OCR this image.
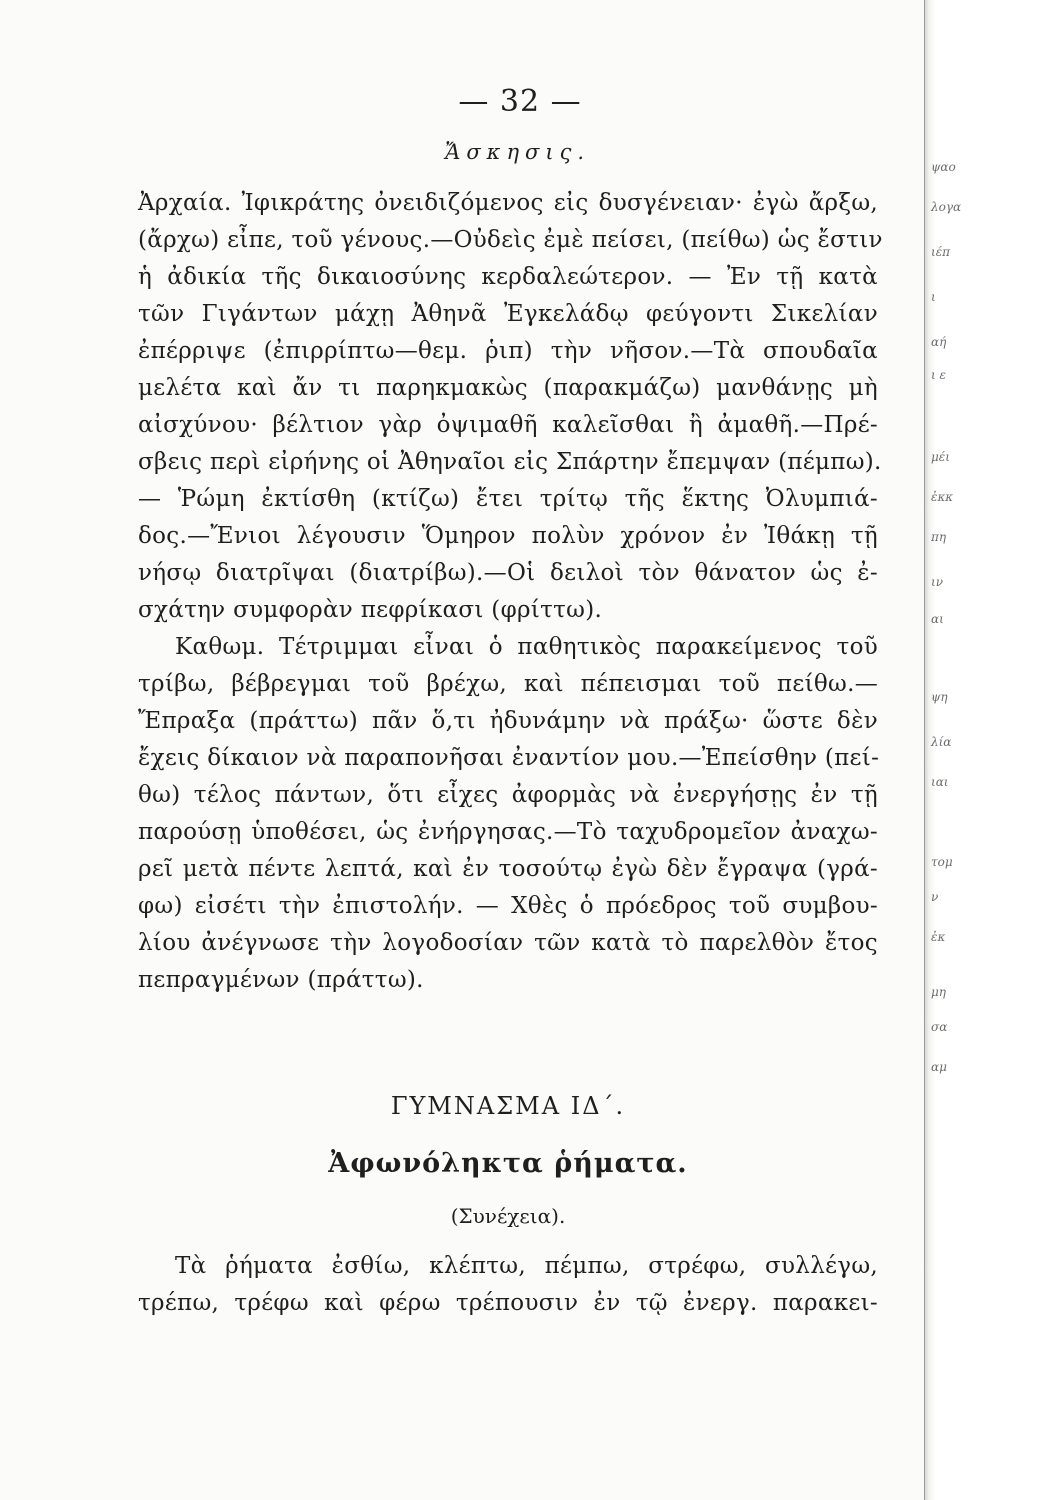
— 32 —
Ἄσκησις.
Ἀρχαία. Ἰφικράτης ὀνειδιζόμενος εἰς δυσγένειαν· ἐγὼ ἄρξω,
(ἄρχω) εἶπε, τοῦ γένους.—Οὐδεὶς ἐμὲ πείσει, (πείθω) ὡς ἔστιν
ἡ ἀδικία τῆς δικαιοσύνης κερδαλεώτερον. — Ἐν τῇ κατὰ
τῶν Γιγάντων μάχῃ Ἀθηνᾶ Ἐγκελάδῳ φεύγοντι Σικελίαν
ἐπέρριψε (ἐπιρρίπτω—θεμ. ῥιπ) τὴν νῆσον.—Τὰ σπουδαῖα
μελέτα καὶ ἄν τι παρηκμακὼς (παρακμάζω) μανθάνῃς μὴ
αἰσχύνου· βέλτιον γὰρ ὀψιμαθῆ καλεῖσθαι ἢ ἀμαθῆ.—Πρέ-
σβεις περὶ εἰρήνης οἱ Ἀθηναῖοι εἰς Σπάρτην ἔπεμψαν (πέμπω).
— Ῥώμη ἐκτίσθη (κτίζω) ἔτει τρίτῳ τῆς ἕκτης Ὀλυμπιά-
δος.—Ἔνιοι λέγουσιν Ὅμηρον πολὺν χρόνον ἐν Ἰθάκῃ τῇ
νήσῳ διατρῖψαι (διατρίβω).—Οἱ δειλοὶ τὸν θάνατον ὡς ἐ-
σχάτην συμφορὰν πεφρίκασι (φρίττω).
Καθωμ. Τέτριμμαι εἶναι ὁ παθητικὸς παρακείμενος τοῦ
τρίβω, βέβρεγμαι τοῦ βρέχω, καὶ πέπεισμαι τοῦ πείθω.—
Ἔπραξα (πράττω) πᾶν ὅ,τι ἠδυνάμην νὰ πράξω· ὥστε δὲν
ἔχεις δίκαιον νὰ παραπονῆσαι ἐναντίον μου.—Ἐπείσθην (πεί-
θω) τέλος πάντων, ὅτι εἶχες ἀφορμὰς νὰ ἐνεργήσῃς ἐν τῇ
παρούσῃ ὑποθέσει, ὡς ἐνήργησας.—Τὸ ταχυδρομεῖον ἀναχω-
ρεῖ μετὰ πέντε λεπτά, καὶ ἐν τοσούτῳ ἐγὼ δὲν ἔγραψα (γρά-
φω) εἰσέτι τὴν ἐπιστολήν. — Χθὲς ὁ πρόεδρος τοῦ συμβου-
λίου ἀνέγνωσε τὴν λογοδοσίαν τῶν κατὰ τὸ παρελθὸν ἔτος
πεπραγμένων (πράττω).
ΓΥΜΝΑΣΜΑ ΙΔ΄.
Ἀφωνόληκτα ῥήματα.
(Συνέχεια).
Τὰ ῥήματα ἐσθίω, κλέπτω, πέμπω, στρέφω, συλλέγω,
τρέπω, τρέφω καὶ φέρω τρέπουσιν ἐν τῷ ἐνεργ. παρακει-
ψαο
λογα
ιέπ
ι
αή
ι ε
μέι
ἐκκ
πη
ιν
αι
ψη
λία
ιαι
τομ
ν
ἐκ
μη
σα
αμ
